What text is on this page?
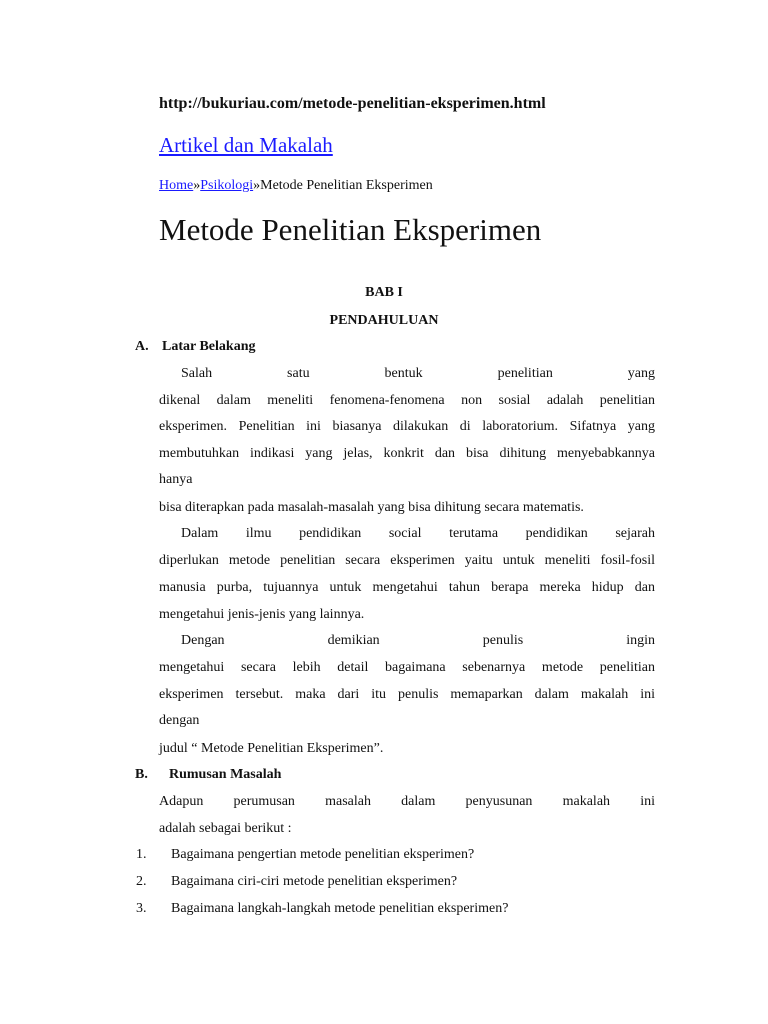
http://bukuriau.com/metode-penelitian-eksperimen.html
Artikel dan Makalah
Home»Psikologi»Metode Penelitian Eksperimen
Metode Penelitian Eksperimen
BAB I
PENDAHULUAN
A. Latar Belakang
Salah satu bentuk penelitian yang
dikenal dalam meneliti fenomena-fenomena non sosial adalah penelitian
eksperimen. Penelitian ini biasanya dilakukan di laboratorium. Sifatnya yang
membutuhkan indikasi yang jelas, konkrit dan bisa dihitung menyebabkannya
hanya
bisa diterapkan pada masalah-masalah yang bisa dihitung secara matematis.
Dalam ilmu pendidikan social terutama pendidikan sejarah
diperlukan metode penelitian secara eksperimen yaitu untuk meneliti fosil-fosil
manusia purba, tujuannya untuk mengetahui tahun berapa mereka hidup dan
mengetahui jenis-jenis yang lainnya.
Dengan demikian penulis ingin
mengetahui secara lebih detail bagaimana sebenarnya metode penelitian
eksperimen tersebut. maka dari itu penulis memaparkan dalam makalah ini
dengan
judul “ Metode Penelitian Eksperimen”.
B. Rumusan Masalah
Adapun perumusan masalah dalam penyusunan makalah ini
adalah sebagai berikut :
1. Bagaimana pengertian metode penelitian eksperimen?
2. Bagaimana ciri-ciri metode penelitian eksperimen?
3. Bagaimana langkah-langkah metode penelitian eksperimen?
